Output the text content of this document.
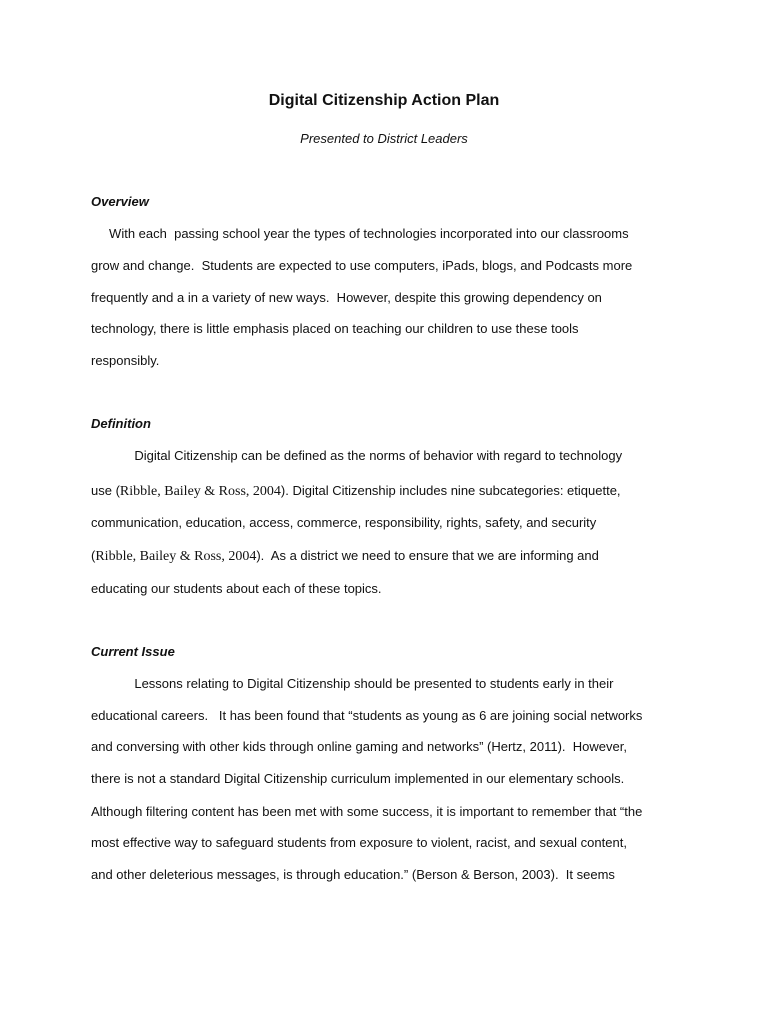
Digital Citizenship Action Plan
Presented to District Leaders
Overview
With each  passing school year the types of technologies incorporated into our classrooms
grow and change.  Students are expected to use computers, iPads, blogs, and Podcasts more
frequently and a in a variety of new ways.  However, despite this growing dependency on
technology, there is little emphasis placed on teaching our children to use these tools
responsibly.
Definition
Digital Citizenship can be defined as the norms of behavior with regard to technology
use (Ribble, Bailey & Ross, 2004). Digital Citizenship includes nine subcategories: etiquette,
communication, education, access, commerce, responsibility, rights, safety, and security
(Ribble, Bailey & Ross, 2004).  As a district we need to ensure that we are informing and
educating our students about each of these topics.
Current Issue
Lessons relating to Digital Citizenship should be presented to students early in their
educational careers.   It has been found that “students as young as 6 are joining social networks
and conversing with other kids through online gaming and networks” (Hertz, 2011).  However,
there is not a standard Digital Citizenship curriculum implemented in our elementary schools.
Although filtering content has been met with some success, it is important to remember that “the
most effective way to safeguard students from exposure to violent, racist, and sexual content,
and other deleterious messages, is through education.” (Berson & Berson, 2003).  It seems
